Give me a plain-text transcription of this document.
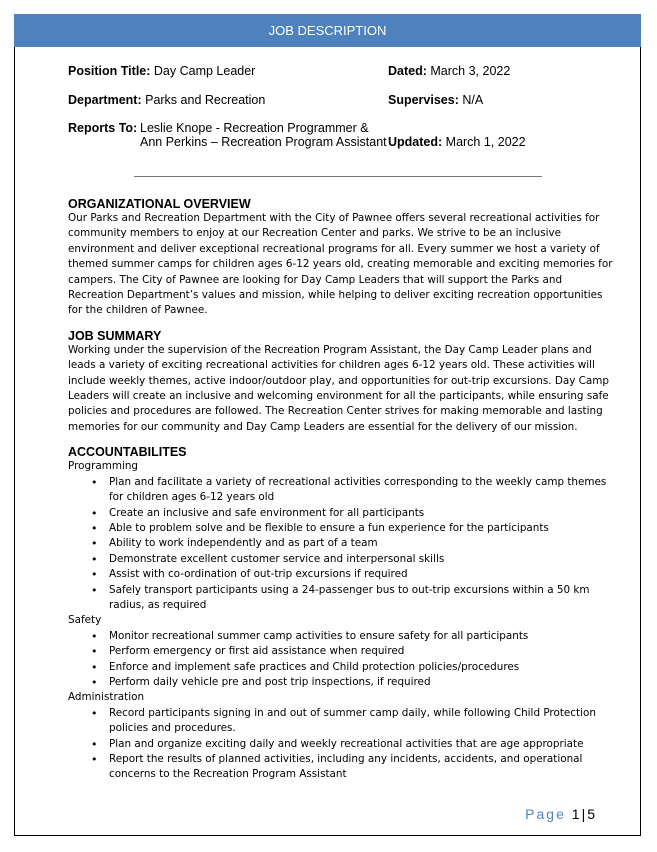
JOB DESCRIPTION
Position Title: Day Camp Leader	Dated: March 3, 2022
Department: Parks and Recreation	Supervises: N/A
Reports To: Leslie Knope - Recreation Programmer &
Ann Perkins – Recreation Program Assistant Updated: March 1, 2022
ORGANIZATIONAL OVERVIEW

Our Parks and Recreation Department with the City of Pawnee offers several recreational activities for community members to enjoy at our Recreation Center and parks. We strive to be an inclusive environment and deliver exceptional recreational programs for all. Every summer we host a variety of themed summer camps for children ages 6-12 years old, creating memorable and exciting memories for campers. The City of Pawnee are looking for Day Camp Leaders that will support the Parks and Recreation Department’s values and mission, while helping to deliver exciting recreation opportunities for the children of Pawnee.

JOB SUMMARY

Working under the supervision of the Recreation Program Assistant, the Day Camp Leader plans and leads a variety of exciting recreational activities for children ages 6-12 years old. These activities will include weekly themes, active indoor/outdoor play, and opportunities for out-trip excursions. Day Camp Leaders will create an inclusive and welcoming environment for all the participants, while ensuring safe policies and procedures are followed. The Recreation Center strives for making memorable and lasting memories for our community and Day Camp Leaders are essential for the delivery of our mission.

ACCOUNTABILITES

Programming

• Plan and facilitate a variety of recreational activities corresponding to the weekly camp themes for children ages 6-12 years old
• Create an inclusive and safe environment for all participants
• Able to problem solve and be flexible to ensure a fun experience for the participants
• Ability to work independently and as part of a team
• Demonstrate excellent customer service and interpersonal skills
• Assist with co-ordination of out-trip excursions if required
• Safely transport participants using a 24-passenger bus to out-trip excursions within a 50 km radius, as required

Safety

• Monitor recreational summer camp activities to ensure safety for all participants
• Perform emergency or first aid assistance when required
• Enforce and implement safe practices and Child protection policies/procedures
• Perform daily vehicle pre and post trip inspections, if required

Administration

• Record participants signing in and out of summer camp daily, while following Child Protection policies and procedures.
• Plan and organize exciting daily and weekly recreational activities that are age appropriate
• Report the results of planned activities, including any incidents, accidents, and operational concerns to the Recreation Program Assistant
Page 1|5
